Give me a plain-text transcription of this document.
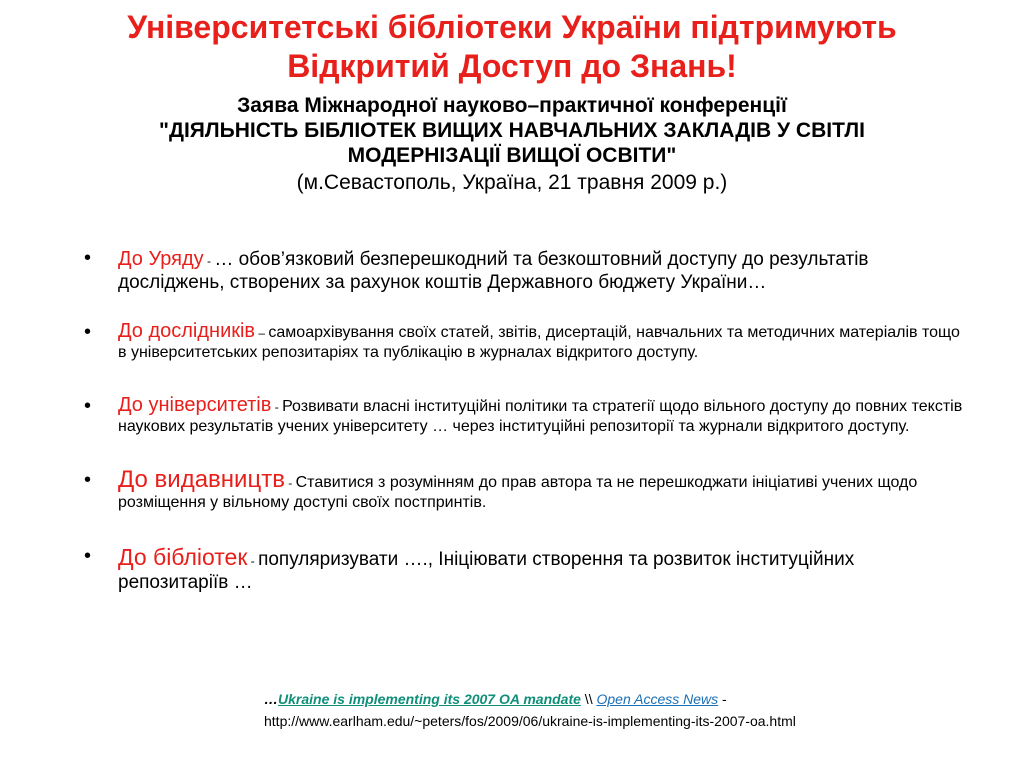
Університетські бібліотеки України підтримують
Відкритий Доступ до Знань!
Заява Міжнародної науково–практичної конференції
"ДІЯЛЬНІСТЬ БІБЛІОТЕК ВИЩИХ НАВЧАЛЬНИХ ЗАКЛАДІВ У СВІТЛІ
МОДЕРНІЗАЦІЇ ВИЩОЇ ОСВІТИ"
(м.Севастополь, Україна, 21 травня 2009 р.)
• До Уряду - … обов’язковий безперешкодний та безкоштовний доступу до результатів досліджень, створених за рахунок коштів Державного бюджету України…
• До дослідників – самоархівування своїх статей, звітів, дисертацій, навчальних та методичних матеріалів тощо в університетських репозитаріях та публікацію в журналах відкритого доступу.
• До університетів - Розвивати власні інституційні політики та стратегії щодо вільного доступу до повних текстів наукових результатів учених університету … через інституційні репозиторії та журнали відкритого доступу.
• До видавництв - Ставитися з розумінням до прав автора та не перешкоджати ініціативі учених щодо розміщення у вільному доступі своїх постпринтів.
• До бібліотек - популяризувати …., Ініціювати створення та розвиток інституційних репозитаріїв …
…Ukraine is implementing its 2007 OA mandate \\ Open Access News -
http://www.earlham.edu/~peters/fos/2009/06/ukraine-is-implementing-its-2007-oa.html
